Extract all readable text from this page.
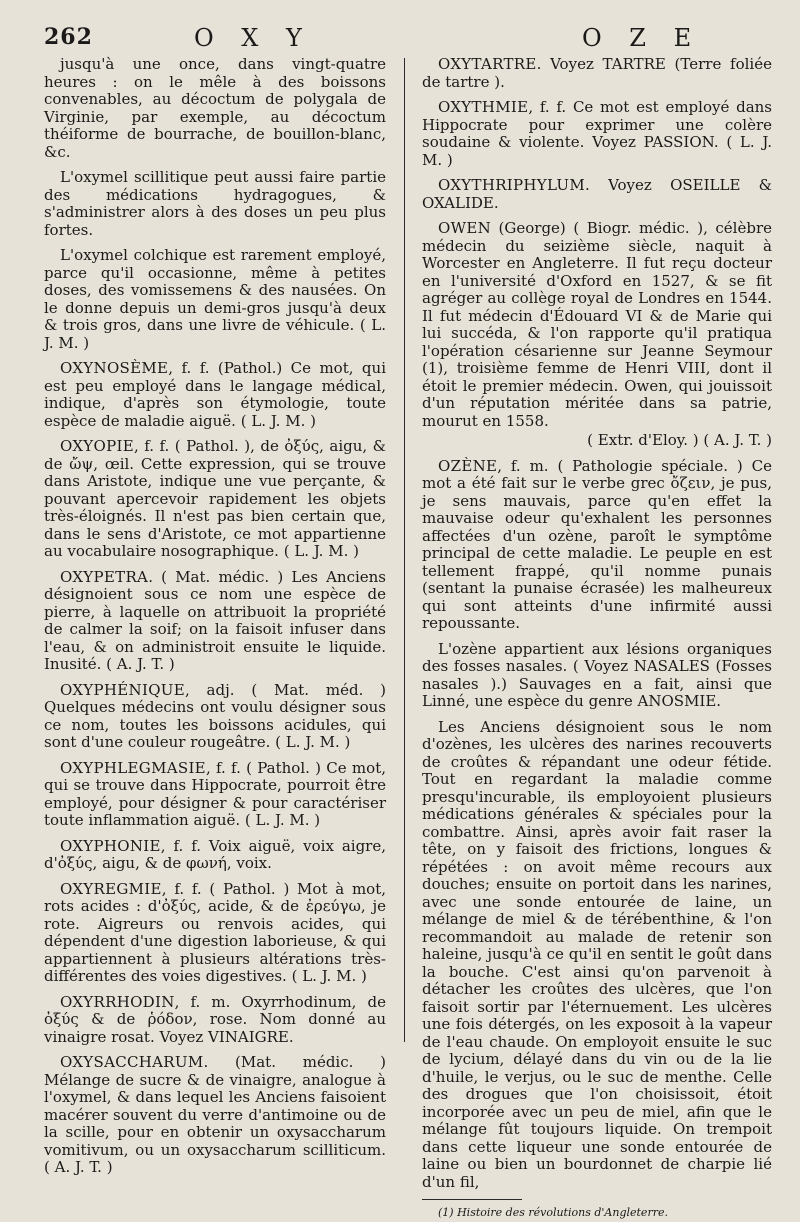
262	O X Y	O Z E

jusqu'à une once, dans vingt-quatre heures : on le mêle à des boissons convenables, au décoctum de polygala de Virginie, par exemple, au décoctum théiforme de bourrache, de bouillon-blanc, &c.

L'oxymel scillitique peut aussi faire partie des médications hydragogues, & s'administrer alors à des doses un peu plus fortes.

L'oxymel colchique est rarement employé, parce qu'il occasionne, même à petites doses, des vomissemens & des nausées. On le donne depuis un demi-gros jusqu'à deux & trois gros, dans une livre de véhicule. ( L. J. M. )

OXYNOSÈME, f. f. (Pathol.) Ce mot, qui est peu employé dans le langage médical, indique, d'après son étymologie, toute espèce de maladie aiguë. ( L. J. M. )

OXYOPIE, f. f. ( Pathol. ), de ὀξύς, aigu, & de ὤψ, œil. Cette expression, qui se trouve dans Aristote, indique une vue perçante, & pouvant apercevoir rapidement les objets très-éloignés. Il n'est pas bien certain que, dans le sens d'Aristote, ce mot appartienne au vocabulaire nosographique. ( L. J. M. )

OXYPETRA. ( Mat. médic. ) Les Anciens désignoient sous ce nom une espèce de pierre, à laquelle on attribuoit la propriété de calmer la soif; on la faisoit infuser dans l'eau, & on administroit ensuite le liquide. Inusité. ( A. J. T. )

OXYPHÉNIQUE, adj. ( Mat. méd. ) Quelques médecins ont voulu désigner sous ce nom, toutes les boissons acidules, qui sont d'une couleur rougeâtre. ( L. J. M. )

OXYPHLEGMASIE, f. f. ( Pathol. ) Ce mot, qui se trouve dans Hippocrate, pourroit être employé, pour désigner & pour caractériser toute inflammation aiguë. ( L. J. M. )

OXYPHONIE, f. f. Voix aiguë, voix aigre, d'ὀξύς, aigu, & de φωνή, voix.

OXYREGMIE, f. f. ( Pathol. ) Mot à mot, rots acides : d'ὀξύς, acide, & de ἐρεύγω, je rote. Aigreurs ou renvois acides, qui dépendent d'une digestion laborieuse, & qui appartiennent à plusieurs altérations très-différentes des voies digestives. ( L. J. M. )

OXYRRHODIN, f. m. Oxyrrhodinum, de ὀξύς & de ῥόδον, rose. Nom donné au vinaigre rosat. Voyez VINAIGRE.

OXYSACCHARUM. (Mat. médic. ) Mélange de sucre & de vinaigre, analogue à l'oxymel, & dans lequel les Anciens faisoient macérer souvent du verre d'antimoine ou de la scille, pour en obtenir un oxysaccharum vomitivum, ou un oxysaccharum scilliticum. ( A. J. T. )

OXYTARTRE. Voyez TARTRE (Terre foliée de tartre ).

OXYTHMIE, f. f. Ce mot est employé dans Hippocrate pour exprimer une colère soudaine & violente. Voyez PASSION. ( L. J. M. )

OXYTHRIPHYLUM. Voyez OSEILLE & OXALIDE.

OWEN (George) ( Biogr. médic. ), célèbre médecin du seizième siècle, naquit à Worcester en Angleterre. Il fut reçu docteur en l'université d'Oxford en 1527, & se fit agréger au collège royal de Londres en 1544. Il fut médecin d'Édouard VI & de Marie qui lui succéda, & l'on rapporte qu'il pratiqua l'opération césarienne sur Jeanne Seymour (1), troisième femme de Henri VIII, dont il étoit le premier médecin. Owen, qui jouissoit d'un réputation méritée dans sa patrie, mourut en 1558.

( Extr. d'Eloy. ) ( A. J. T. )

OZÈNE, f. m. ( Pathologie spéciale. ) Ce mot a été fait sur le verbe grec ὄζειν, je pus, je sens mauvais, parce qu'en effet la mauvaise odeur qu'exhalent les personnes affectées d'un ozène, paroît le symptôme principal de cette maladie. Le peuple en est tellement frappé, qu'il nomme punais (sentant la punaise écrasée) les malheureux qui sont atteints d'une infirmité aussi repoussante.

L'ozène appartient aux lésions organiques des fosses nasales. ( Voyez NASALES (Fosses nasales ).) Sauvages en a fait, ainsi que Linné, une espèce du genre ANOSMIE.

Les Anciens désignoient sous le nom d'ozènes, les ulcères des narines recouverts de croûtes & répandant une odeur fétide. Tout en regardant la maladie comme presqu'incurable, ils employoient plusieurs médications générales & spéciales pour la combattre. Ainsi, après avoir fait raser la tête, on y faisoit des frictions, longues & répétées : on avoit même recours aux douches; ensuite on portoit dans les narines, avec une sonde entourée de laine, un mélange de miel & de térébenthine, & l'on recommandoit au malade de retenir son haleine, jusqu'à ce qu'il en sentit le goût dans la bouche. C'est ainsi qu'on parvenoit à détacher les croûtes des ulcères, que l'on faisoit sortir par l'éternuement. Les ulcères une fois détergés, on les exposoit à la vapeur de l'eau chaude. On employoit ensuite le suc de lycium, délayé dans du vin ou de la lie d'huile, le verjus, ou le suc de menthe. Celle des drogues que l'on choisissoit, étoit incorporée avec un peu de miel, afin que le mélange fût toujours liquide. On trempoit dans cette liqueur une sonde entourée de laine ou bien un bourdonnet de charpie lié d'un fil,

(1) Histoire des révolutions d'Angleterre.
